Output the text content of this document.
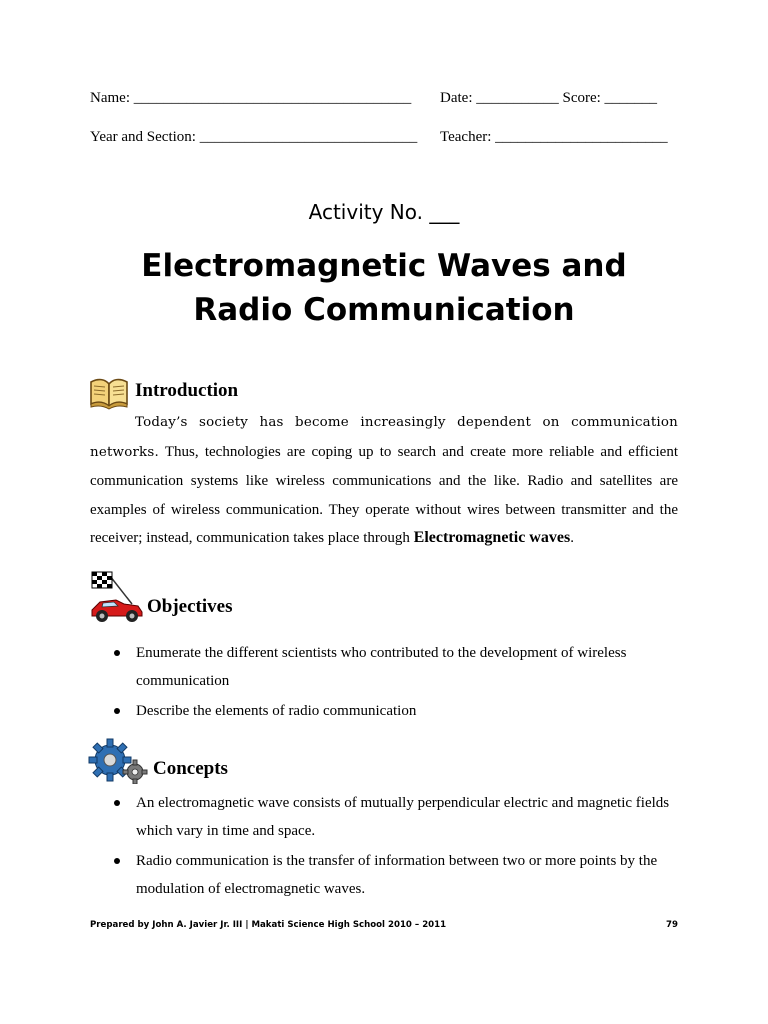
Name: _____________________________________ Date: ___________ Score: _______
Year and Section: _____________________________ Teacher: _______________________
Activity No. ___
Electromagnetic Waves and
Radio Communication
Introduction
Today’s society has become increasingly dependent on communication networks. Thus, technologies are coping up to search and create more reliable and efficient communication systems like wireless communications and the like. Radio and satellites are examples of wireless communication. They operate without wires between transmitter and the receiver; instead, communication takes place through Electromagnetic waves.
Objectives
Enumerate the different scientists who contributed to the development of wireless communication
Describe the elements of radio communication
Concepts
An electromagnetic wave consists of mutually perpendicular electric and magnetic fields which vary in time and space.
Radio communication is the transfer of information between two or more points by the modulation of electromagnetic waves.
Prepared by John A. Javier Jr. III | Makati Science High School 2010 – 2011	79
